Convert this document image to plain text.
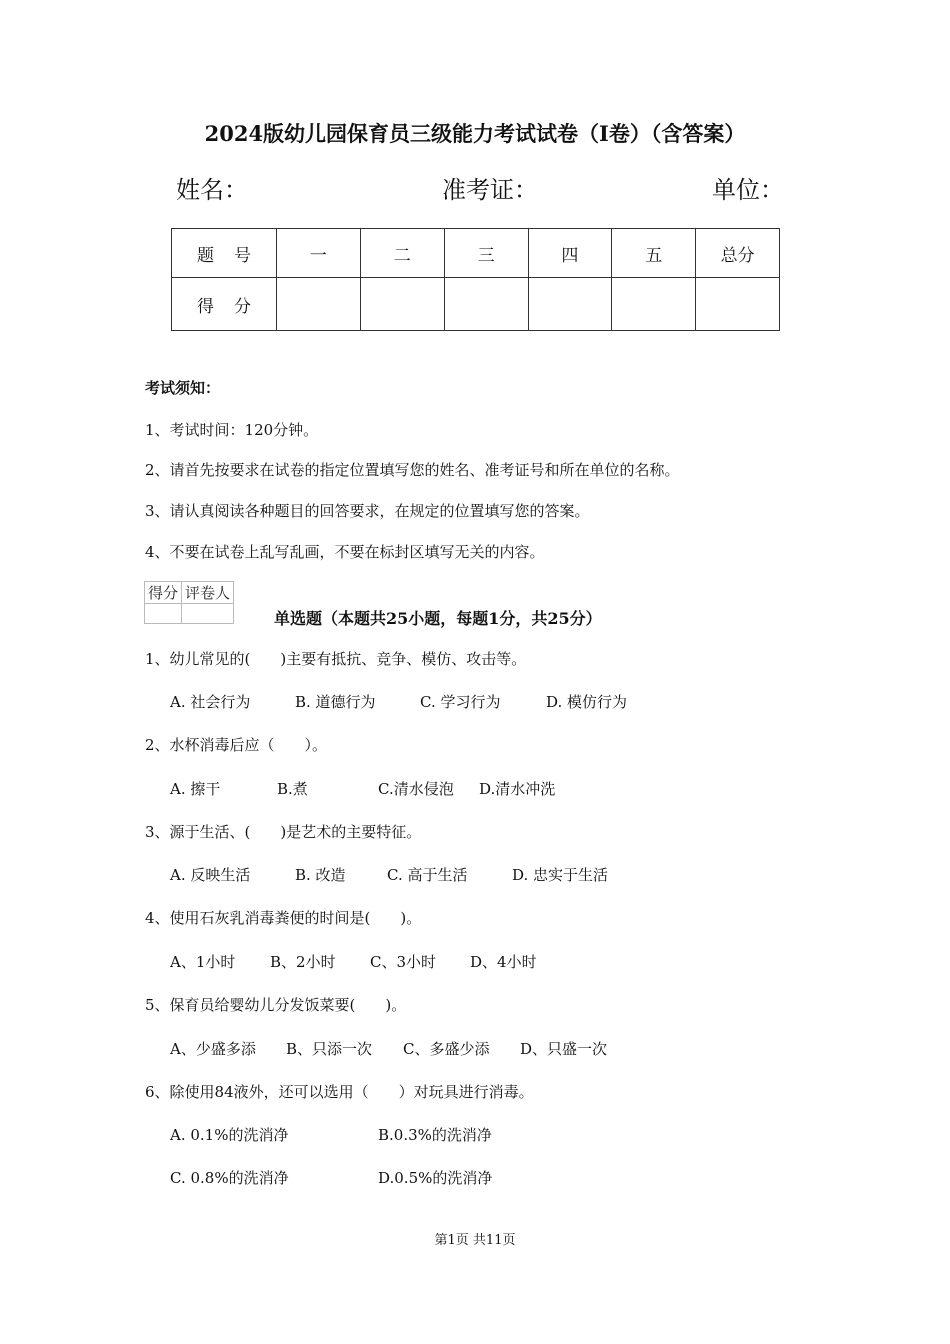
2024版幼儿园保育员三级能力考试试卷（I卷）（含答案）
姓名：	准考证：	单位：
题号	一	二	三	四	五	总分
得分						
考试须知：
1、考试时间：120分钟。
2、请首先按要求在试卷的指定位置填写您的姓名、准考证号和所在单位的名称。
3、请认真阅读各种题目的回答要求，在规定的位置填写您的答案。
4、不要在试卷上乱写乱画，不要在标封区填写无关的内容。
得分	评卷人

单选题（本题共25小题，每题1分，共25分）
1、幼儿常见的(　　)主要有抵抗、竞争、模仿、攻击等。
A. 社会行为	B. 道德行为	C. 学习行为	D. 模仿行为
2、水杯消毒后应（　　）。
A. 擦干	B.煮	C.清水侵泡 D.清水冲洗
3、源于生活、(　　)是艺术的主要特征。
A. 反映生活	B. 改造	C. 高于生活	D. 忠实于生活
4、使用石灰乳消毒粪便的时间是(　　)。
A、1小时 B、2小时 C、3小时 D、4小时
5、保育员给婴幼儿分发饭菜要(　　)。
A、少盛多添 B、只添一次 C、多盛少添 D、只盛一次
6、除使用84液外，还可以选用（　　）对玩具进行消毒。
A. 0.1%的洗消净	B.0.3%的洗消净
C. 0.8%的洗消净	D.0.5%的洗消净
第1页 共11页
